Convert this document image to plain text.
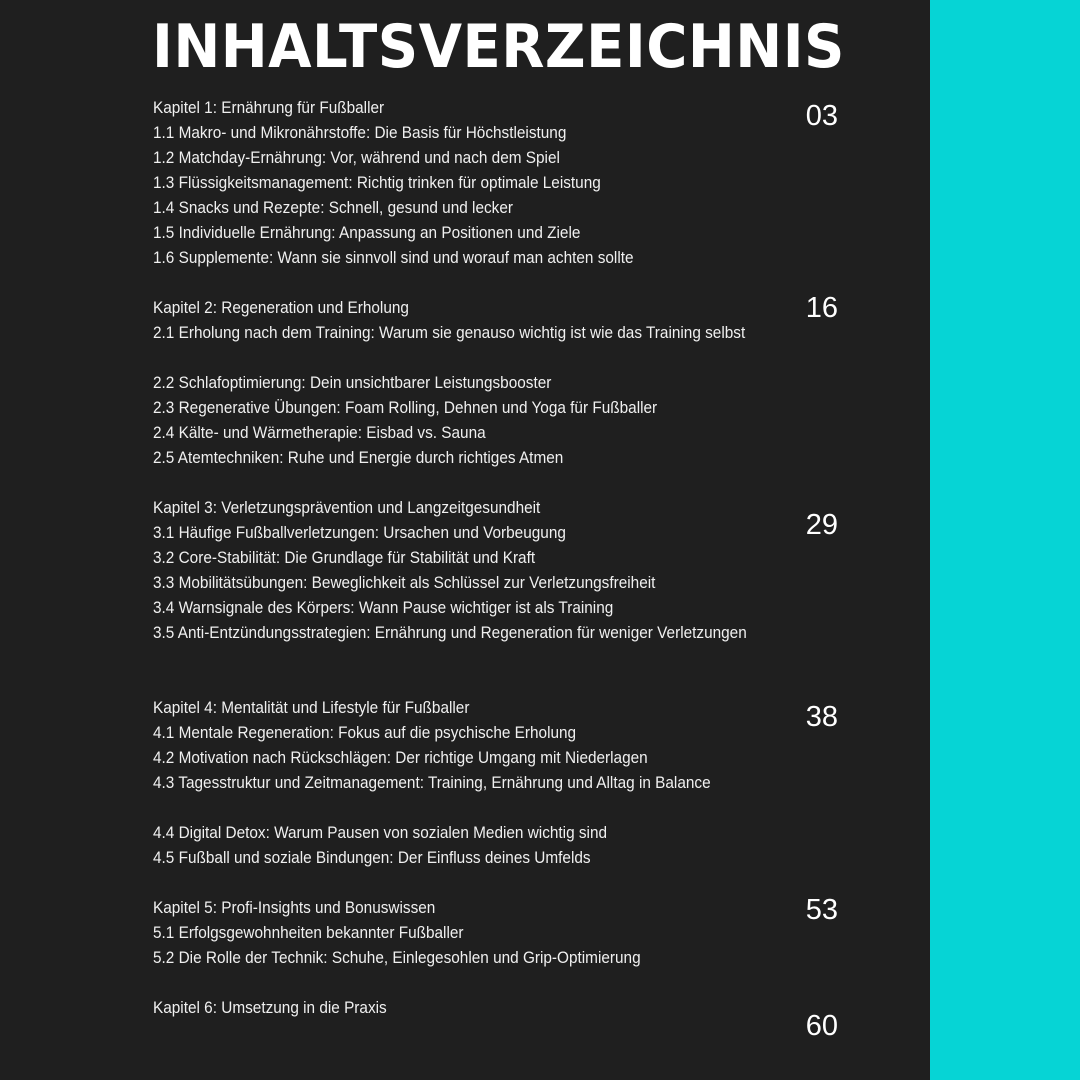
INHALTSVERZEICHNIS
Kapitel 1: Ernährung für Fußballer
1.1 Makro- und Mikronährstoffe: Die Basis für Höchstleistung
1.2 Matchday-Ernährung: Vor, während und nach dem Spiel
1.3 Flüssigkeitsmanagement: Richtig trinken für optimale Leistung
1.4 Snacks und Rezepte: Schnell, gesund und lecker
1.5 Individuelle Ernährung: Anpassung an Positionen und Ziele
1.6 Supplemente: Wann sie sinnvoll sind und worauf man achten sollte
Kapitel 2: Regeneration und Erholung
2.1 Erholung nach dem Training: Warum sie genauso wichtig ist wie das Training selbst
2.2 Schlafoptimierung: Dein unsichtbarer Leistungsbooster
2.3 Regenerative Übungen: Foam Rolling, Dehnen und Yoga für Fußballer
2.4 Kälte- und Wärmetherapie: Eisbad vs. Sauna
2.5 Atemtechniken: Ruhe und Energie durch richtiges Atmen
Kapitel 3: Verletzungsprävention und Langzeitgesundheit
3.1 Häufige Fußballverletzungen: Ursachen und Vorbeugung
3.2 Core-Stabilität: Die Grundlage für Stabilität und Kraft
3.3 Mobilitätsübungen: Beweglichkeit als Schlüssel zur Verletzungsfreiheit
3.4 Warnsignale des Körpers: Wann Pause wichtiger ist als Training
3.5 Anti-Entzündungsstrategien: Ernährung und Regeneration für weniger Verletzungen
Kapitel 4: Mentalität und Lifestyle für Fußballer
4.1 Mentale Regeneration: Fokus auf die psychische Erholung
4.2 Motivation nach Rückschlägen: Der richtige Umgang mit Niederlagen
4.3 Tagesstruktur und Zeitmanagement: Training, Ernährung und Alltag in Balance
4.4 Digital Detox: Warum Pausen von sozialen Medien wichtig sind
4.5 Fußball und soziale Bindungen: Der Einfluss deines Umfelds
Kapitel 5: Profi-Insights und Bonuswissen
5.1 Erfolgsgewohnheiten bekannter Fußballer
5.2 Die Rolle der Technik: Schuhe, Einlegesohlen und Grip-Optimierung
Kapitel 6: Umsetzung in die Praxis
03
16
29
38
53
60
